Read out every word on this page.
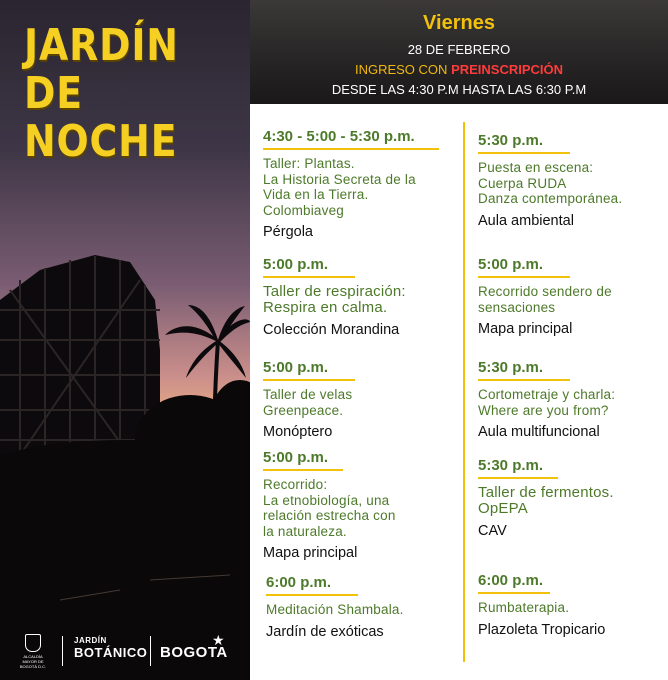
JARDÍN
DE NOCHE
ALCALDÍA MAYOR DE BOGOTÁ D.C.
JARDÍN
BOTÁNICO BOGOTA
★
Viernes
28 DE FEBRERO
INGRESO CON PREINSCRIPCIÓN
DESDE LAS 4:30 P.M HASTA LAS 6:30 P.M
4:30 - 5:00 - 5:30 p.m.
Taller: Plantas.
La Historia Secreta de la
Vida en la Tierra.
Colombiaveg
Pérgola
5:00 p.m.
Taller de respiración:
Respira en calma.
Colección Morandina
5:00 p.m.
Taller de velas
Greenpeace.
Monóptero
5:00 p.m.
Recorrido:
La etnobiología, una
relación estrecha con
la naturaleza.
Mapa principal
6:00 p.m.
Meditación Shambala.
Jardín de exóticas
5:30 p.m.
Puesta en escena:
Cuerpa RUDA
Danza contemporánea.
Aula ambiental
5:00 p.m.
Recorrido sendero de
sensaciones
Mapa principal
5:30 p.m.
Cortometraje y charla:
Where are you from?
Aula multifuncional
5:30 p.m.
Taller de fermentos.
OpEPA
CAV
6:00 p.m.
Rumbaterapia.
Plazoleta Tropicario
